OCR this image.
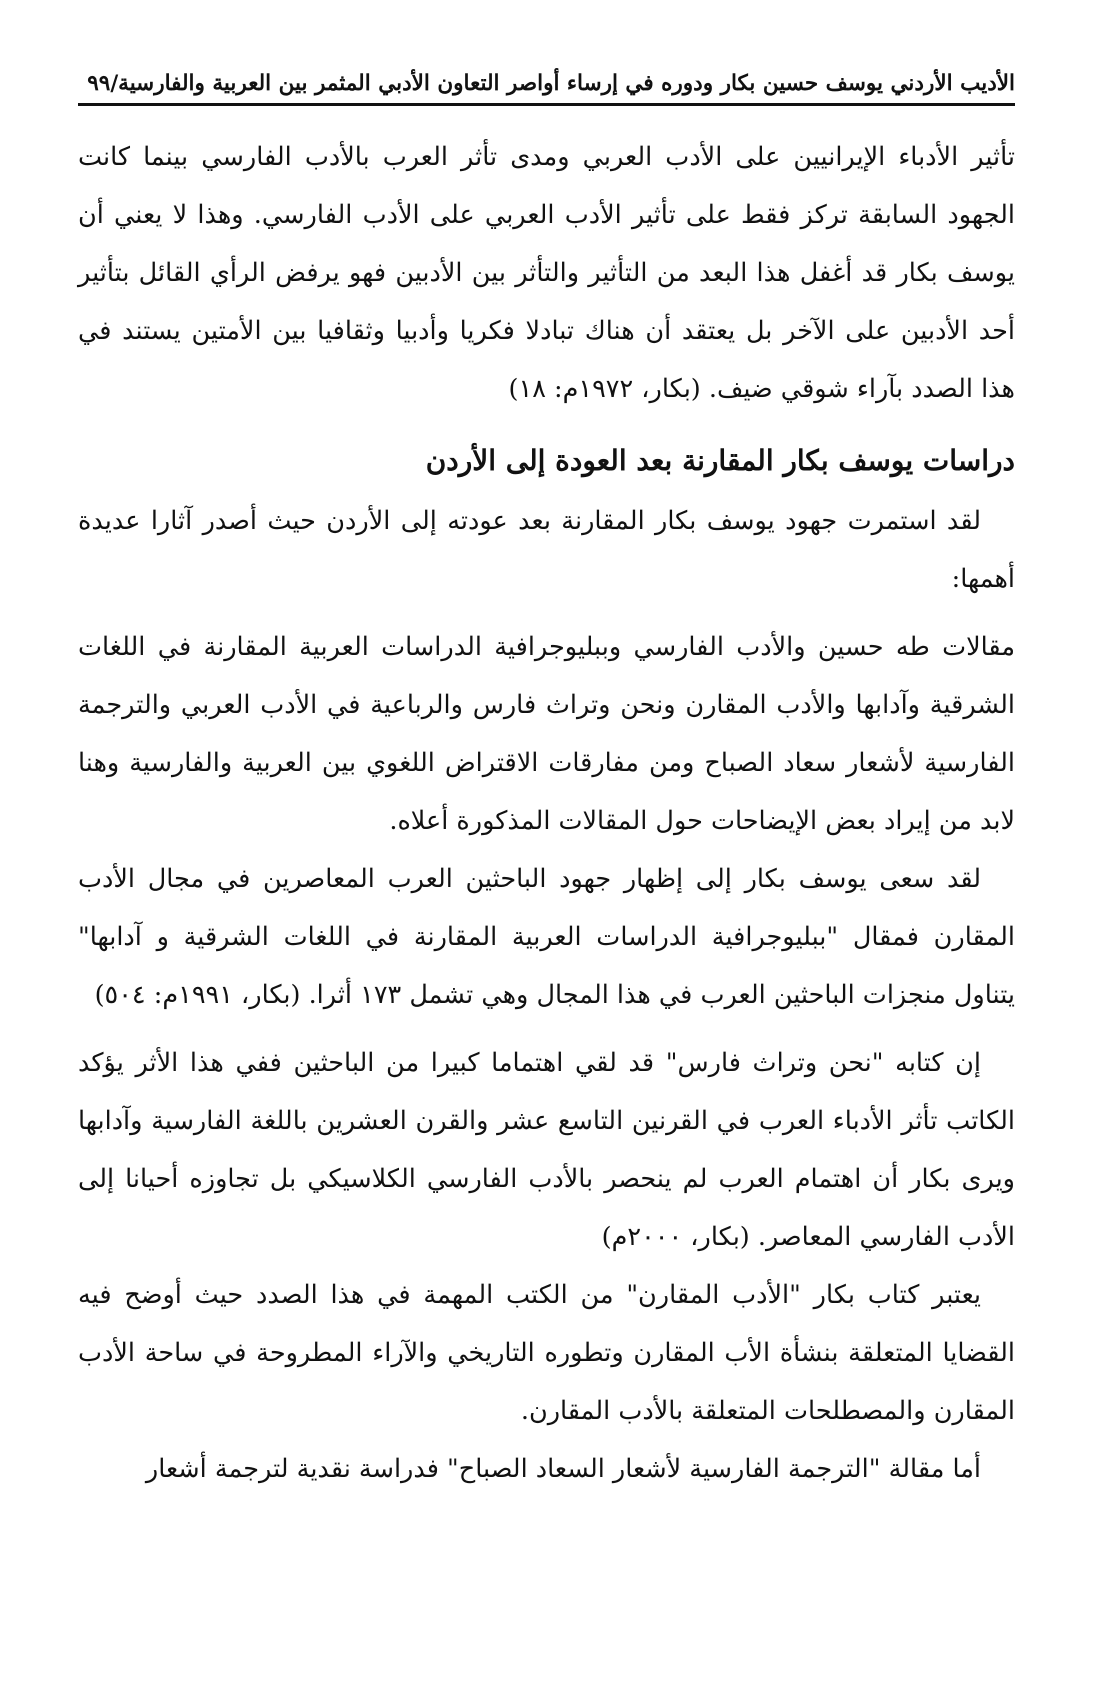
الأديب الأردني يوسف حسين بكار ودوره في إرساء أواصر التعاون الأدبي المثمر بين العربية والفارسية
/
٩٩

تأثير الأدباء الإيرانيين على الأدب العربي ومدى تأثر العرب بالأدب الفارسي بينما كانت الجهود السابقة تركز فقط على تأثير الأدب العربي على الأدب الفارسي. وهذا لا يعني أن يوسف بكار قد أغفل هذا البعد من التأثير والتأثر بين الأدبين فهو يرفض الرأي القائل بتأثير أحد الأدبين على الآخر بل يعتقد أن هناك تبادلا فكريا وأدبيا وثقافيا بين الأمتين يستند في هذا الصدد بآراء شوقي ضيف. (بكار، ١٩٧٢م: ١٨)

دراسات يوسف بكار المقارنة بعد العودة إلى الأردن

لقد استمرت جهود يوسف بكار المقارنة بعد عودته إلى الأردن حيث أصدر آثارا عديدة أهمها:

مقالات طه حسين والأدب الفارسي وببليوجرافية الدراسات العربية المقارنة في اللغات الشرقية وآدابها والأدب المقارن ونحن وتراث فارس والرباعية في الأدب العربي والترجمة الفارسية لأشعار سعاد الصباح ومن مفارقات الاقتراض اللغوي بين العربية والفارسية وهنا لابد من إيراد بعض الإيضاحات حول المقالات المذكورة أعلاه.

لقد سعى يوسف بكار إلى إظهار جهود الباحثين العرب المعاصرين في مجال الأدب المقارن فمقال "ببليوجرافية الدراسات العربية المقارنة في اللغات الشرقية و آدابها" يتناول منجزات الباحثين العرب في هذا المجال وهي تشمل ١٧٣ أثرا. (بكار، ١٩٩١م: ٥٠٤)

إن كتابه "نحن وتراث فارس" قد لقي اهتماما كبيرا من الباحثين ففي هذا الأثر يؤكد الكاتب تأثر الأدباء العرب في القرنين التاسع عشر والقرن العشرين باللغة الفارسية وآدابها ويرى بكار أن اهتمام العرب لم ينحصر بالأدب الفارسي الكلاسيكي بل تجاوزه أحيانا إلى الأدب الفارسي المعاصر. (بكار، ٢٠٠٠م)

يعتبر كتاب بكار "الأدب المقارن" من الكتب المهمة في هذا الصدد حيث أوضح فيه القضايا المتعلقة بنشأة الأب المقارن وتطوره التاريخي والآراء المطروحة في ساحة الأدب المقارن والمصطلحات المتعلقة بالأدب المقارن.

أما مقالة "الترجمة الفارسية لأشعار السعاد الصباح" فدراسة نقدية لترجمة أشعار
